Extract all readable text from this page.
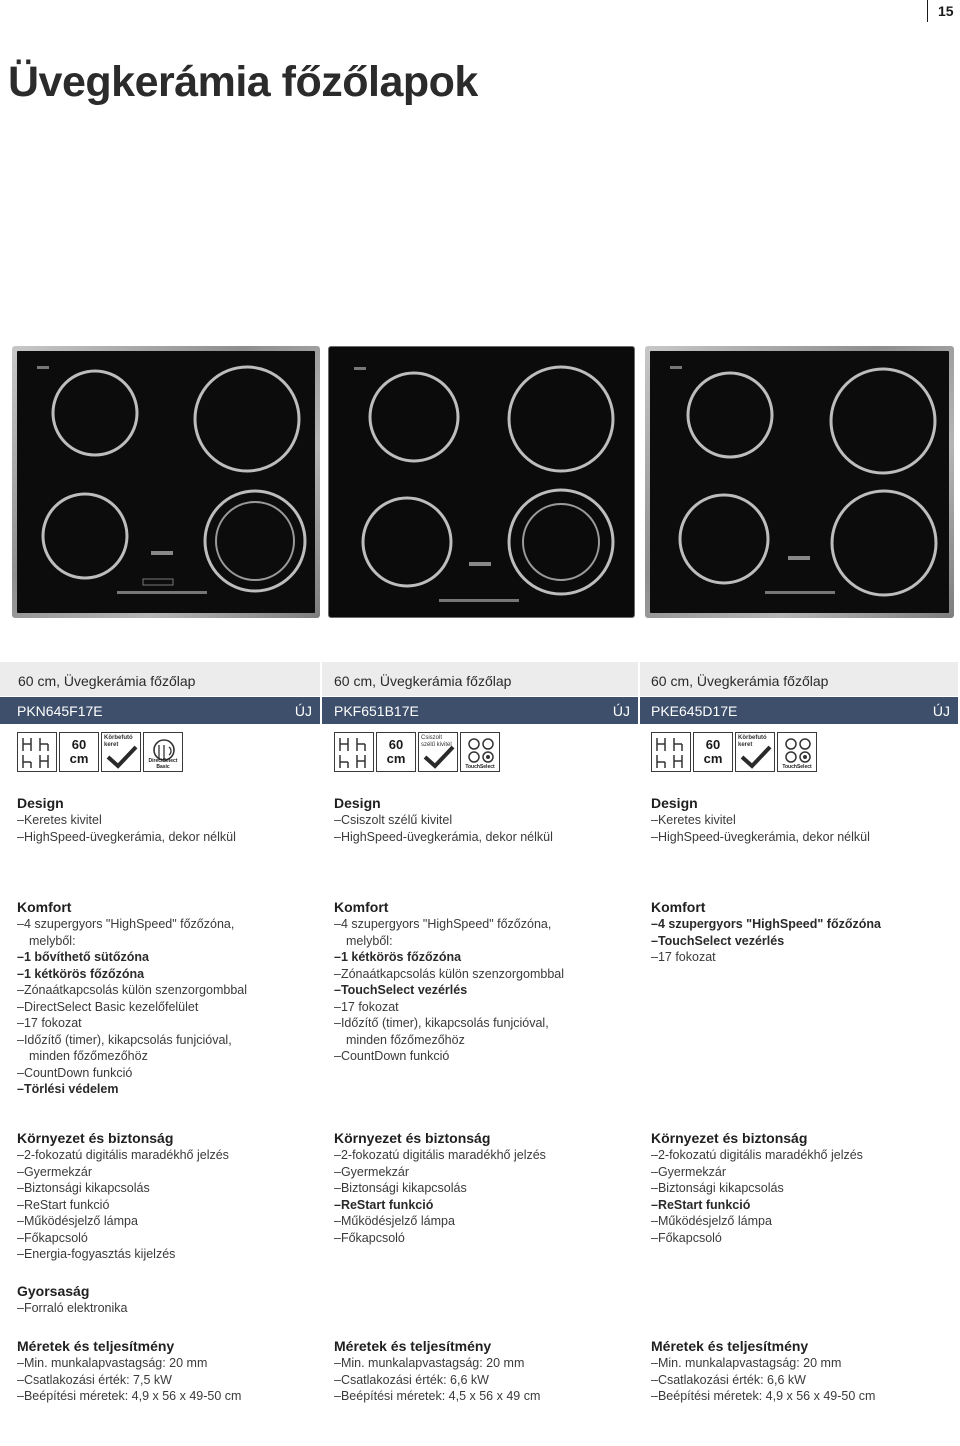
15
Üvegkerámia főzőlapok
60 cm, Üvegkerámia főzőlap	60 cm, Üvegkerámia főzőlap	60 cm, Üvegkerámia főzőlap
PKN645F17E	ÚJ	PKF651B17E	ÚJ	PKE645D17E	ÚJ
60
cm
Körbefutó keret
DirectSelect Basic
60
cm
Csiszolt szélű kivitel
TouchSelect
60
cm
Körbefutó keret
TouchSelect
Design
– Keretes kivitel
– HighSpeed-üvegkerámia, dekor nélkül
Komfort
– 4 szupergyors "HighSpeed" főzőzóna,
melyből:
– 1 bővíthető sütőzóna
– 1 kétkörös főzőzóna
– Zónaátkapcsolás külön szenzorgombbal
– DirectSelect Basic kezelőfelület
– 17 fokozat
– Időzítő (timer), kikapcsolás funjcióval,
minden főzőmezőhöz
– CountDown funkció
– Törlési védelem
Környezet és biztonság
– 2-fokozatú digitális maradékhő jelzés
– Gyermekzár
– Biztonsági kikapcsolás
– ReStart funkció
– Működésjelző lámpa
– Főkapcsoló
– Energia-fogyasztás kijelzés
Gyorsaság
– Forraló elektronika
Méretek és teljesítmény
– Min. munkalapvastagság: 20 mm
– Csatlakozási érték: 7,5 kW
– Beépítési méretek: 4,9 x 56 x 49-50 cm
Design
– Csiszolt szélű kivitel
– HighSpeed-üvegkerámia, dekor nélkül
Komfort
– 4 szupergyors "HighSpeed" főzőzóna,
melyből:
– 1 kétkörös főzőzóna
– Zónaátkapcsolás külön szenzorgombbal
– TouchSelect vezérlés
– 17 fokozat
– Időzítő (timer), kikapcsolás funjcióval,
minden főzőmezőhöz
– CountDown funkció
Környezet és biztonság
– 2-fokozatú digitális maradékhő jelzés
– Gyermekzár
– Biztonsági kikapcsolás
– ReStart funkció
– Működésjelző lámpa
– Főkapcsoló
Méretek és teljesítmény
– Min. munkalapvastagság: 20 mm
– Csatlakozási érték: 6,6 kW
– Beépítési méretek: 4,5 x 56 x 49 cm
Design
– Keretes kivitel
– HighSpeed-üvegkerámia, dekor nélkül
Komfort
– 4 szupergyors "HighSpeed" főzőzóna
– TouchSelect vezérlés
– 17 fokozat
Környezet és biztonság
– 2-fokozatú digitális maradékhő jelzés
– Gyermekzár
– Biztonsági kikapcsolás
– ReStart funkció
– Működésjelző lámpa
– Főkapcsoló
Méretek és teljesítmény
– Min. munkalapvastagság: 20 mm
– Csatlakozási érték: 6,6 kW
– Beépítési méretek: 4,9 x 56 x 49-50 cm
